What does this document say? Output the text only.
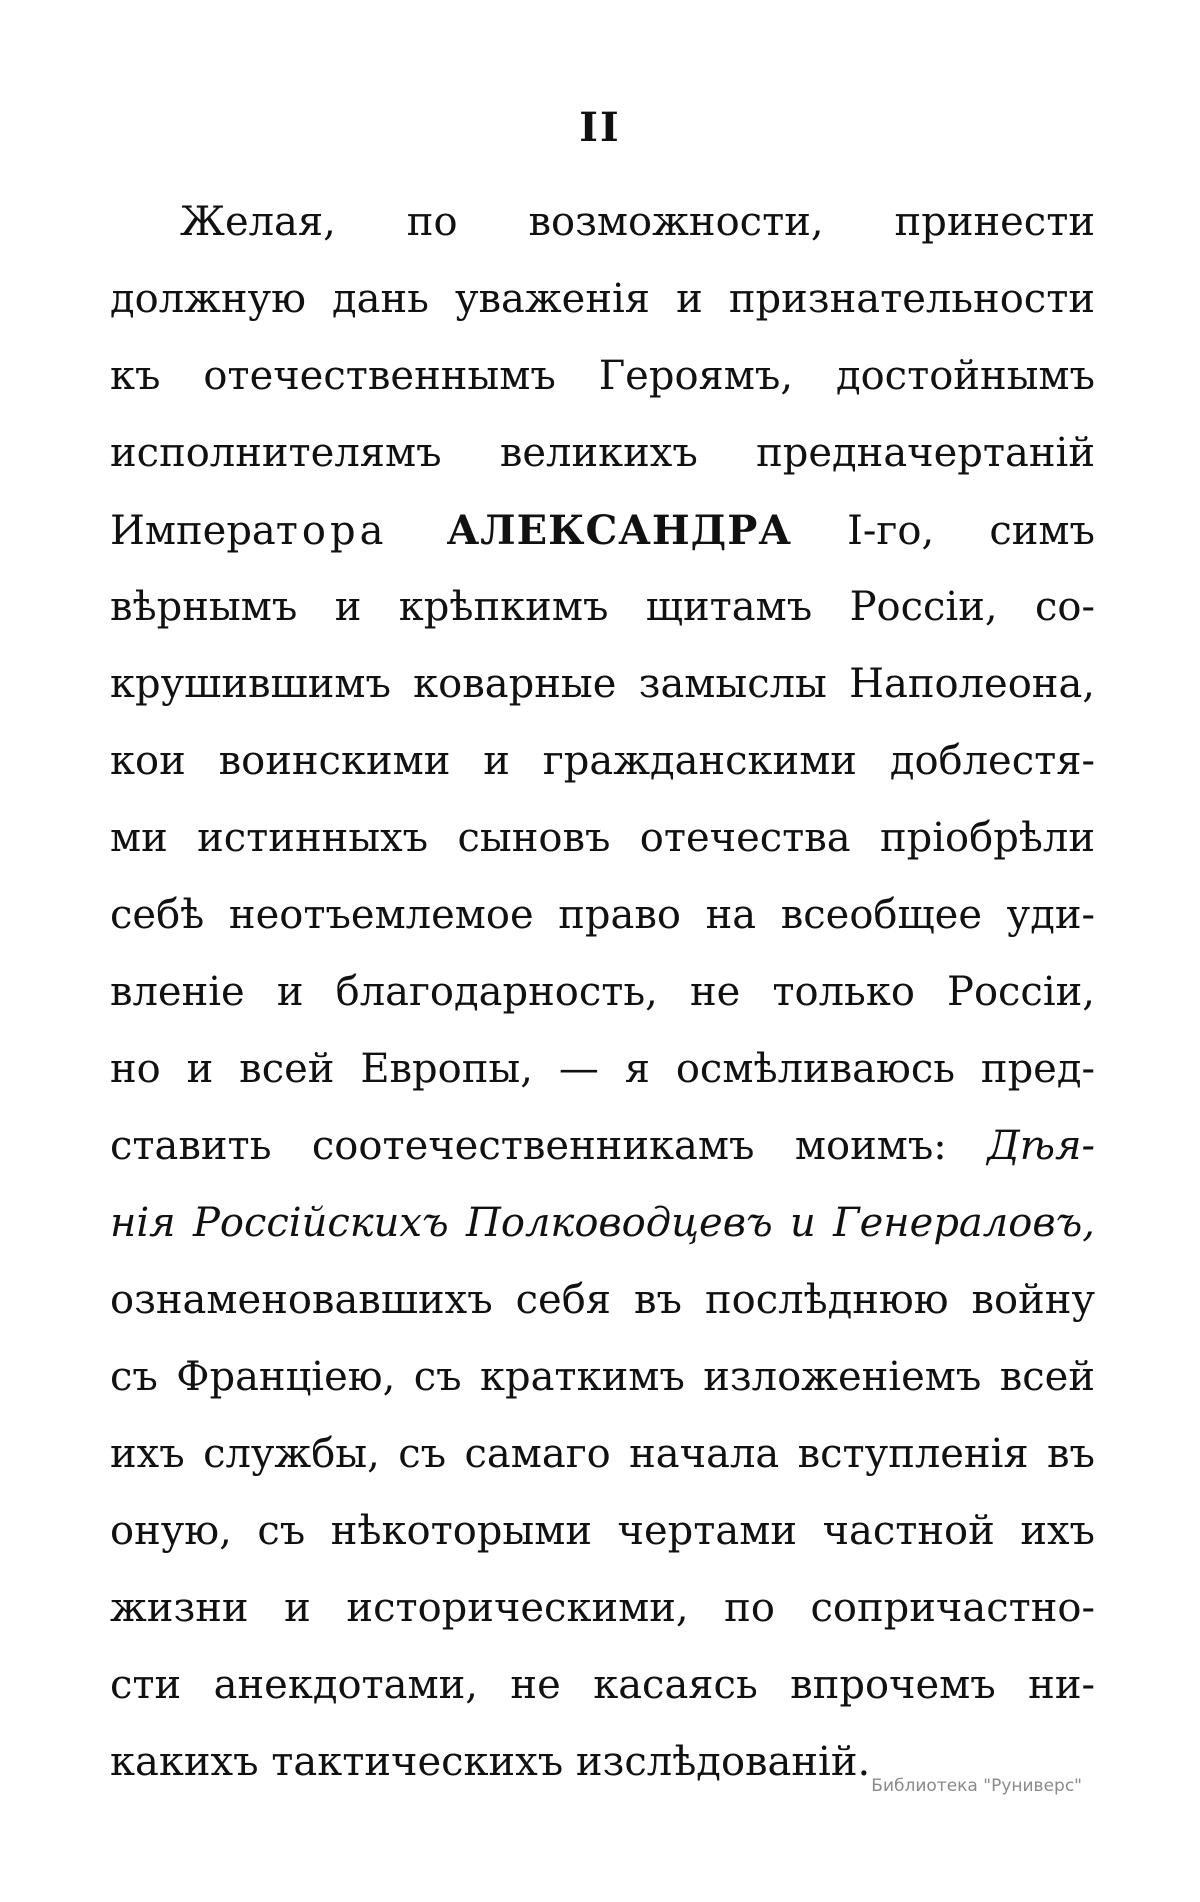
II
Желая, по возможности, принести
должную дань уваженія и признательности
къ отечественнымъ Героямъ, достойнымъ
исполнителямъ великихъ предначертаній
Императора АЛЕКСАНДРА I-го, симъ
вѣрнымъ и крѣпкимъ щитамъ Россіи, со-
крушившимъ коварные замыслы Наполеона,
кои воинскими и гражданскими доблестя-
ми истинныхъ сыновъ отечества пріобрѣли
себѣ неотъемлемое право на всеобщее уди-
вленіе и благодарность, не только Россіи,
но и всей Европы, — я осмѣливаюсь пред-
ставить соотечественникамъ моимъ: Дѣя-
нія Россійскихъ Полководцевъ и Генераловъ,
ознаменовавшихъ себя въ послѣднюю войну
съ Франціею, съ краткимъ изложеніемъ всей
ихъ службы, съ самаго начала вступленія въ
оную, съ нѣкоторыми чертами частной ихъ
жизни и историческими, по сопричастно-
сти анекдотами, не касаясь впрочемъ ни-
какихъ тактическихъ изслѣдованій.
Библиотека "Руниверс"
